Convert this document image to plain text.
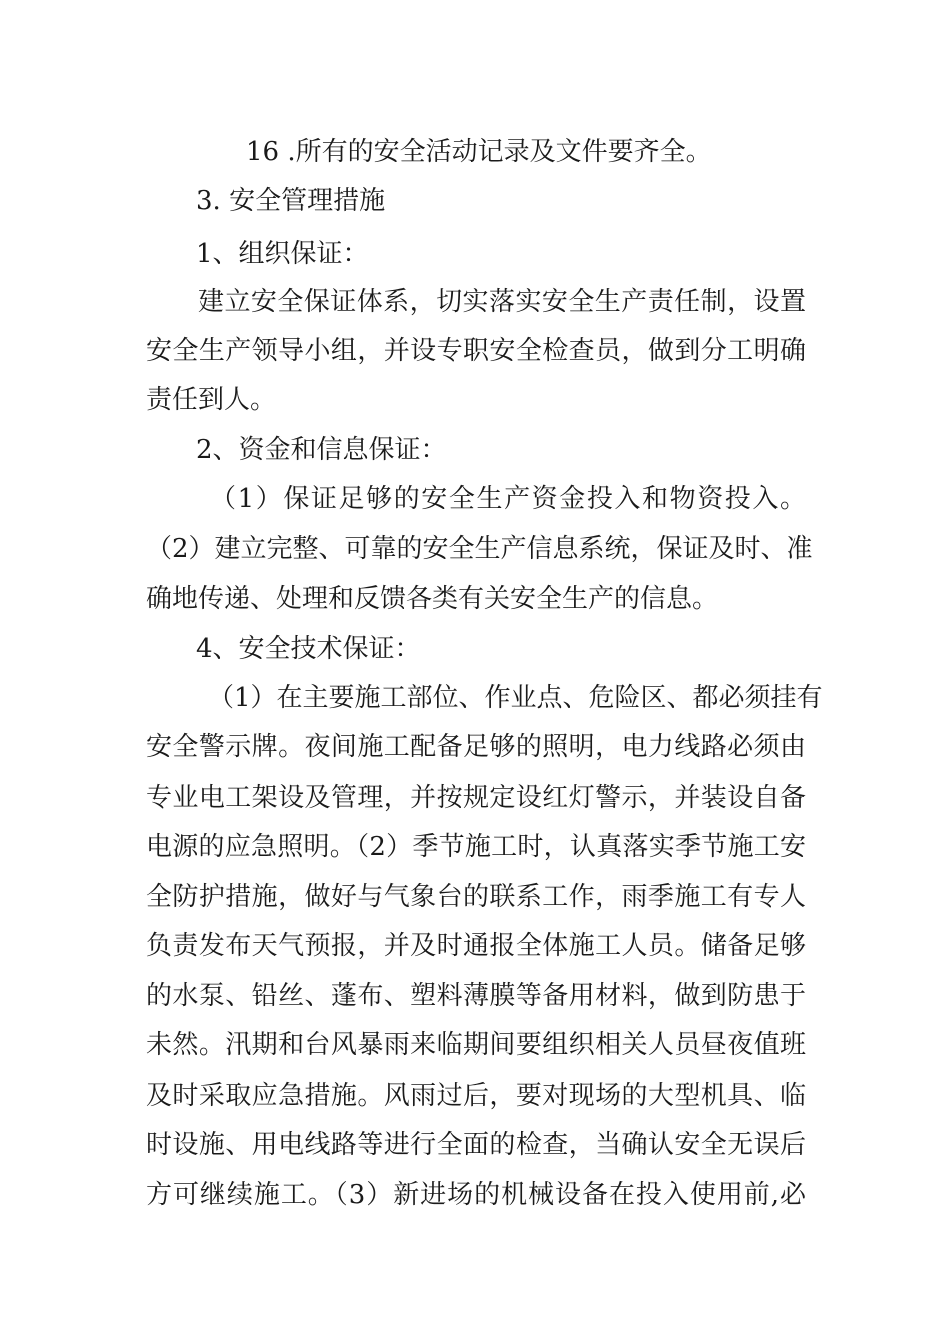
16 .所有的安全活动记录及文件要齐全。
3. 安全管理措施
1、组织保证：
建立安全保证体系，切实落实安全生产责任制，设置
安全生产领导小组，并设专职安全检查员，做到分工明确
责任到人。
2、资金和信息保证：
（1）保证足够的安全生产资金投入和物资投入。
（2）建立完整、可靠的安全生产信息系统，保证及时、准
确地传递、处理和反馈各类有关安全生产的信息。
4、安全技术保证：
（1）在主要施工部位、作业点、危险区、都必须挂有
安全警示牌。夜间施工配备足够的照明，电力线路必须由
专业电工架设及管理，并按规定设红灯警示，并装设自备
电源的应急照明。（2）季节施工时，认真落实季节施工安
全防护措施，做好与气象台的联系工作，雨季施工有专人
负责发布天气预报，并及时通报全体施工人员。储备足够
的水泵、铅丝、蓬布、塑料薄膜等备用材料，做到防患于
未然。汛期和台风暴雨来临期间要组织相关人员昼夜值班
及时采取应急措施。风雨过后，要对现场的大型机具、临
时设施、用电线路等进行全面的检查，当确认安全无误后
方可继续施工。（3）新进场的机械设备在投入使用前,必
